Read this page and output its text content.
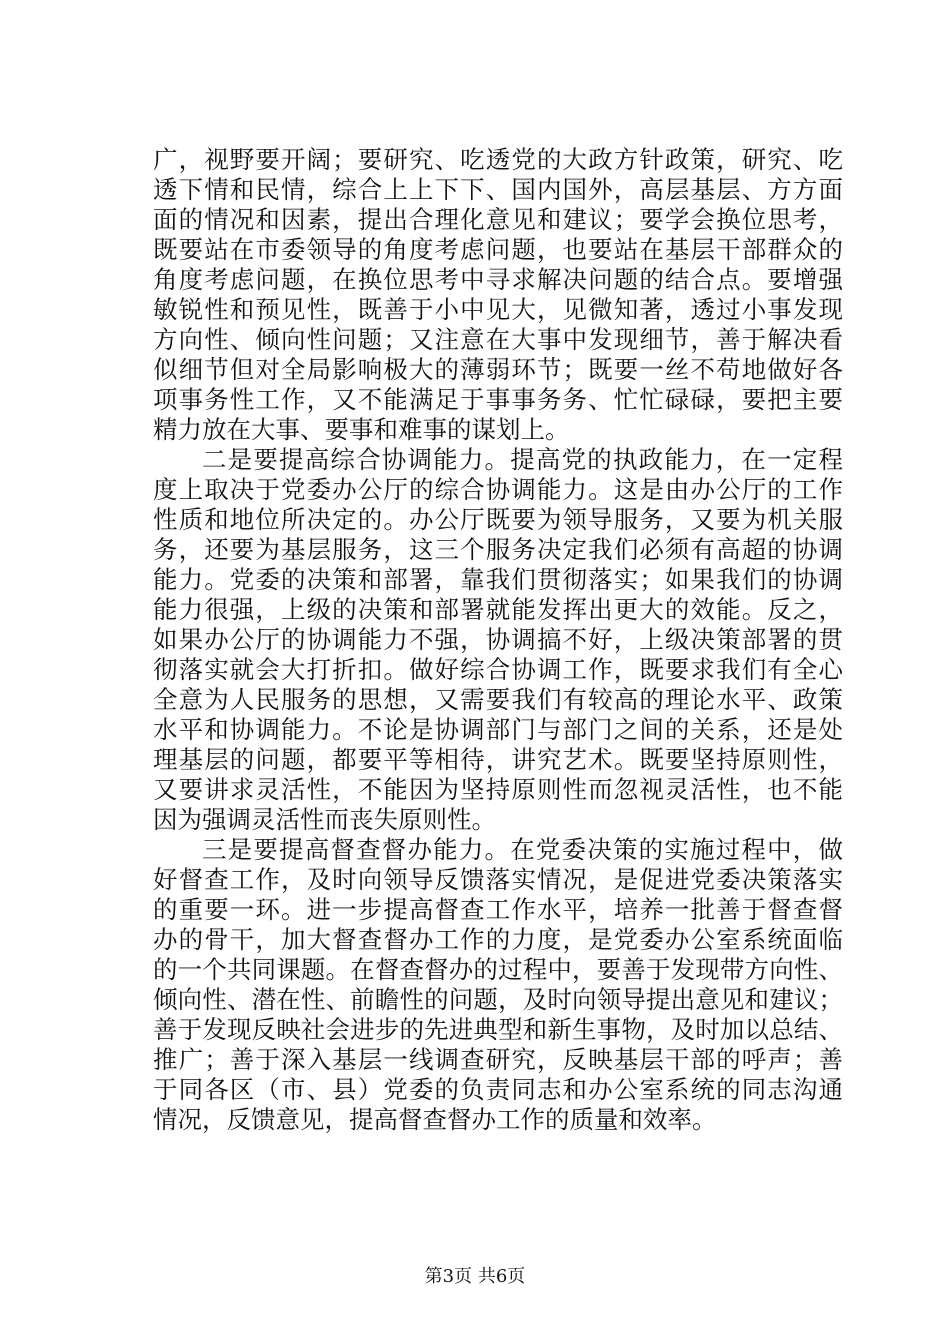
广，视野要开阔；要研究、吃透党的大政方针政策，研究、吃
透下情和民情，综合上上下下、国内国外，高层基层、方方面
面的情况和因素，提出合理化意见和建议；要学会换位思考，
既要站在市委领导的角度考虑问题，也要站在基层干部群众的
角度考虑问题，在换位思考中寻求解决问题的结合点。要增强
敏锐性和预见性，既善于小中见大，见微知著，透过小事发现
方向性、倾向性问题；又注意在大事中发现细节，善于解决看
似细节但对全局影响极大的薄弱环节；既要一丝不苟地做好各
项事务性工作，又不能满足于事事务务、忙忙碌碌，要把主要
精力放在大事、要事和难事的谋划上。
二是要提高综合协调能力。提高党的执政能力，在一定程
度上取决于党委办公厅的综合协调能力。这是由办公厅的工作
性质和地位所决定的。办公厅既要为领导服务，又要为机关服
务，还要为基层服务，这三个服务决定我们必须有高超的协调
能力。党委的决策和部署，靠我们贯彻落实；如果我们的协调
能力很强，上级的决策和部署就能发挥出更大的效能。反之，
如果办公厅的协调能力不强，协调搞不好，上级决策部署的贯
彻落实就会大打折扣。做好综合协调工作，既要求我们有全心
全意为人民服务的思想，又需要我们有较高的理论水平、政策
水平和协调能力。不论是协调部门与部门之间的关系，还是处
理基层的问题，都要平等相待，讲究艺术。既要坚持原则性，
又要讲求灵活性，不能因为坚持原则性而忽视灵活性，也不能
因为强调灵活性而丧失原则性。
三是要提高督查督办能力。在党委决策的实施过程中，做
好督查工作，及时向领导反馈落实情况，是促进党委决策落实
的重要一环。进一步提高督查工作水平，培养一批善于督查督
办的骨干，加大督查督办工作的力度，是党委办公室系统面临
的一个共同课题。在督查督办的过程中，要善于发现带方向性、
倾向性、潜在性、前瞻性的问题，及时向领导提出意见和建议；
善于发现反映社会进步的先进典型和新生事物，及时加以总结、
推广；善于深入基层一线调查研究，反映基层干部的呼声；善
于同各区（市、县）党委的负责同志和办公室系统的同志沟通
情况，反馈意见，提高督查督办工作的质量和效率。
第3页 共6页
